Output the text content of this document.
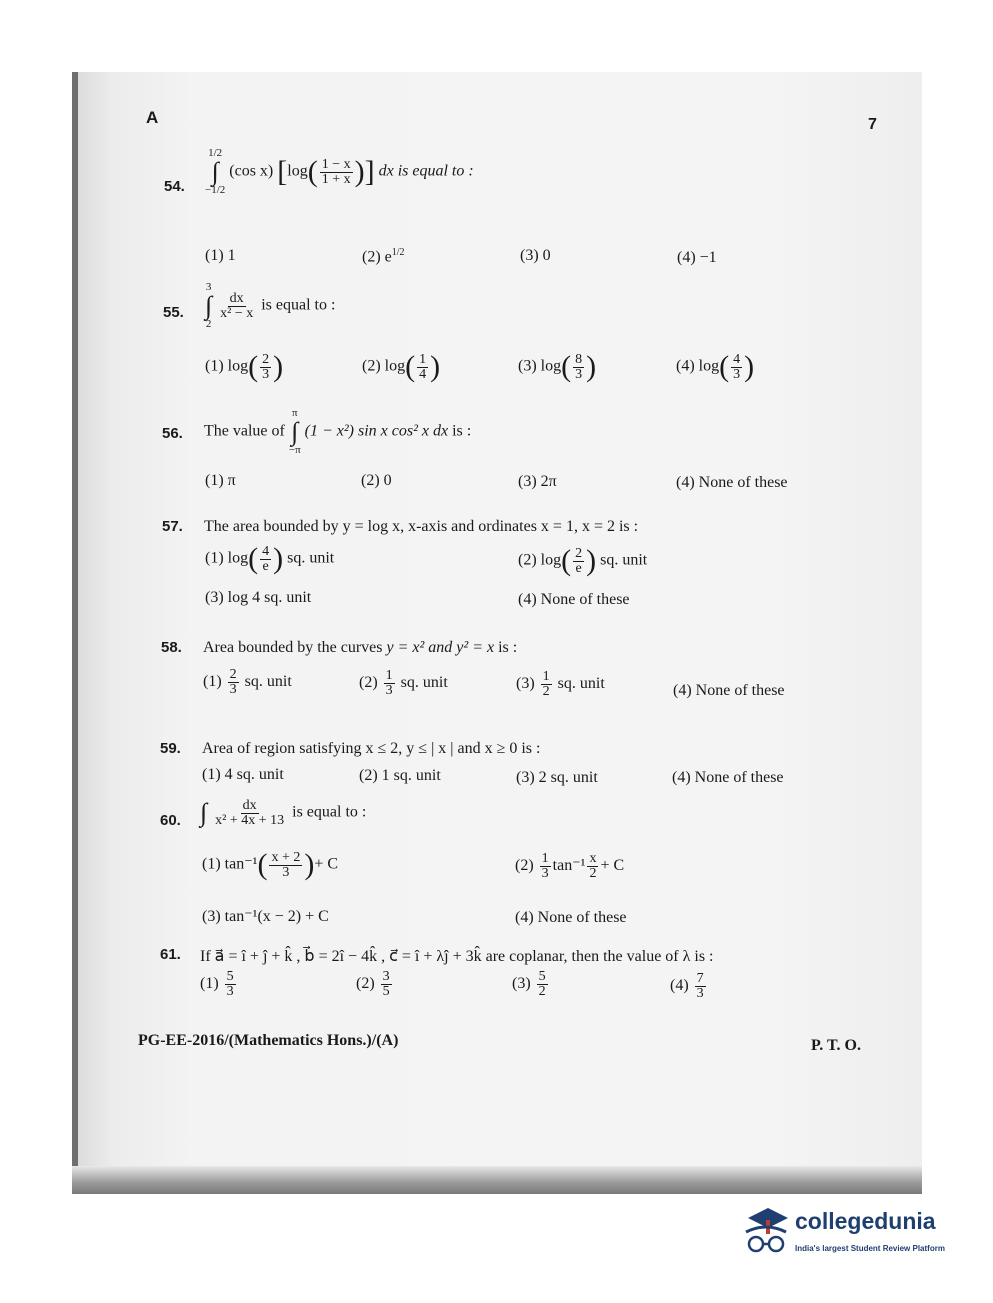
A	7
54.
1/2
∫
−1/2
(cos x) [$\log( \frac{1 - x}{1 + x}$ )] dx is equal to :
(1) 1	(2) $e^{1/2}$	(3) 0	(4) −1
55.
3
∫
2

$\frac{dx}{\text{x² − x}}$ is equal to :
(1) $\log( \frac{2}{3}$ )	(2) $\log( \frac{1}{4}$ )	(3) $\log( \frac{8}{3}$ )	(4) $\log( \frac{4}{3}$ )
56. The value of
π
∫
−π
(1 − x²) sin x cos² x dx is :
(1) π	(2) 0	(3) 2π	(4) None of these
57. The area bounded by y = log x, x-axis and ordinates x = 1, x = 2 is :
(1) $\log( \frac{4}{e}$ ) sq. unit	(2) $\log( \frac{2}{e}$ ) sq. unit
(3) log 4 sq. unit	(4) None of these
58. Area bounded by the curves y = x² and y² = x is :
$(1) \frac{2}{3}$ sq. unit	$(2) \frac{1}{3}$ sq. unit	$(3) \frac{1}{2}$ sq. unit	(4) None of these
59. Area of region satisfying x ≤ 2, y ≤ | x | and x ≥ 0 is :
(1) 4 sq. unit	(2) 1 sq. unit	(3) 2 sq. unit	(4) None of these
60. ∫ $\frac{dx}{\text{x² + 4x + 13}}$ is equal to :
(1) $\tan^{-1}( \frac{x + 2}{3}$ )+ C	$(2) \frac{1}{3} \tan^{-1} \frac{x}{2} + C$
(3) tan⁻¹(x − 2) + C	(4) None of these
61. If a⃗ = î + ĵ + k̂ , b⃗ = 2î − 4k̂ , c⃗ = î + λĵ + 3k̂ are coplanar, then the value of λ is :
$(1) \frac{5}{3}$	$(2) \frac{3}{5}$	$(3) \frac{5}{2}$	$(4) \frac{7}{3}$
PG-EE-2016/(Mathematics Hons.)/(A)	P. T. O.
collegedunia
India's largest Student Review Platform
